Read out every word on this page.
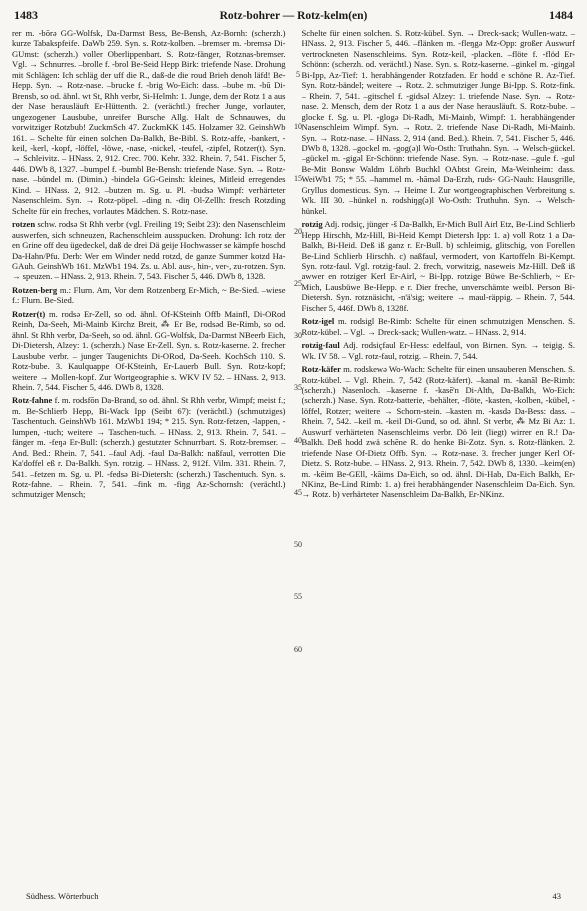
1483	Rotz-bohrer — Rotz-kelm(en)	1484
5
10
15
20
25
30
35
40
45
50
55
60

rer m. -bōrə GG-Wolfsk, Da-Darmst Bess, Be-Bensh, Az-Bornh: (scherzh.) kurze Tabakspfeife. DaWb 259. Syn. s. Rotz-kolben. –bremser m. -bremsə Di-GUmst: (scherzh.) voller Oberlippenbart. S. Rotz-fänger, Rotznas-bremser. Vgl. → Schnurres. –brolle f. -brol Be-Seid Hepp Birk: triefende Nase. Drohung mit Schlägen: Ich schläg der uff die R., daß-de die roud Brieh denoh läfd! Be-Hepp. Syn. → Rotz-nase. –brucke f. -brig Wo-Eich: dass. –bube m. -bū Di-Brensb, so od. ähnl. wt St, Rhh verbr, Si-Helmh: 1. Junge, dem der Rotz 1 a aus der Nase herausläuft Er-Hüttenth. 2. (verächtl.) frecher Junge, vorlauter, ungezogener Lausbube, unreifer Bursche Allg. Halt de Schnauwes, du vorwitziger Rotzbub! ZuckmSch 47. ZuckmKK 145. Holzamer 32. GeinshWb 161. – Schelte für einen solchen Da-Balkh, Be-Bibl. S. Rotz-affe, -bankert, -keil, -kerl, -kopf, -löffel, -löwe, -nase, -nickel, -teufel, -zipfel, Rotzer(t). Syn. → Schleivitz. – HNass. 2, 912. Crec. 700. Kehr. 332. Rhein. 7, 541. Fischer 5, 446. DWb 8, 1327. –bumpel f. -bumbl Be-Bensh: triefende Nase. Syn. → Rotz-nase. –bündel m. (Dimin.) -bindelə GG-Geinsh: kleines, Mitleid erregendes Kind. – HNass. 2, 912. –butzen m. Sg. u. Pl. -budsə Wimpf: verhärteter Nasenschleim. Syn. → Rotz-pöpel. –ding n. -diŋ Ol-Zellh: fresch Rotzding Schelte für ein freches, vorlautes Mädchen. S. Rotz-nase.

rotzen schw. rodsə St Rhh verbr (vgl. Freiling 19; Seibt 23): den Nasenschleim auswerfen, sich schneuzen, Rachenschleim ausspucken. Drohung: Ich rotz der en Grine off deu ügedeckel, daß de drei Dä geije Hochwasser se kämpfe hoschd Da-Hahn/Pfu. Derb: Wer em Winder nedd rotzd, de ganze Summer kotzd Ha-GAuh. GeinshWb 161. MzWb1 194. Zs. u. Abl. aus-, hin-, ver-, zu-rotzen. Syn. → speuzen. – HNass. 2, 913. Rhein. 7, 543. Fischer 5, 446. DWb 8, 1328.

Rotzen-berg m.: Flurn. Am, Vor dem Rotzenberg Er-Mich, ~ Be-Sied. –wiese f.: Flurn. Be-Sied.

Rotzer(t) m. rodsə Er-Zell, so od. ähnl. Of-KSteinh Offb Mainfl, Di-ORod Reinh, Da-Seeh, Mi-Mainb Kirchz Breit, ⁂ Er Be, rodsəd Be-Rimb, so od. ähnl. St Rhh verbr, Da-Seeh, so od. ähnl. GG-Wolfsk, Da-Darmst NBeerb Eich, Di-Dietersh, Alzey: 1. (scherzh.) Nase Er-Zell. Syn. s. Rotz-kaserne. 2. frecher Lausbube verbr. – junger Taugenichts Di-ORod, Da-Seeh. KochSch 110. S. Rotz-bube. 3. Kaulquappe Of-KSteinh, Er-Lauerb Bull. Syn. Rotz-kopf; weitere → Mollen-kopf. Zur Wortgeographie s. WKV IV 52. – HNass. 2, 913. Rhein. 7, 544. Fischer 5, 446. DWb 8, 1328.

Rotz-fahne f. m. rodsfōn Da-Brand, so od. ähnl. St Rhh verbr, Wimpf; meist f.; m. Be-Schlierb Hepp, Bi-Wack Ipp (Seibt 67): (verächtl.) (schmutziges) Taschentuch. GeinshWb 161. MzWb1 194; * 215. Syn. Rotz-fetzen, -lappen, -lumpen, -tuch; weitere → Taschen-tuch. – HNass. 2, 913. Rhein. 7, 541. –fänger m. -feŋə Er-Bull: (scherzh.) gestutzter Schnurrbart. S. Rotz-bremser. – And. Bed.: Rhein. 7, 541. –faul Adj. -faul Da-Balkh: naßfaul, verrotten Die Ka'doffel eß r. Da-Balkh. Syn. rotzig. – HNass. 2, 912f. Vilm. 331. Rhein. 7, 541. –fetzen m. Sg. u. Pl. -fedsə Bi-Dietersh: (scherzh.) Taschentuch. Syn. s. Rotz-fahne. – Rhein. 7, 541. –fink m. -fiŋg Az-Schornsh: (verächtl.) schmutziger Mensch;

Schelte für einen solchen. S. Rotz-kübel. Syn. → Dreck-sack; Wullen-watz. – HNass. 2, 913. Fischer 5, 446. –flänken m. -fleŋgə Mz-Opp: großer Auswurf vertrockneten Nasenschleims. Syn. Rotz-keil, -placken. –flöte f. -flöd Er-Schönn: (scherzh. od. verächtl.) Nase. Syn. s. Rotz-kaserne. –ginkel m. -giŋgəl Bi-Ipp, Az-Tief: 1. herabhängender Rotzfaden. Er hodd e schöne R. Az-Tief. Syn. Rotz-bändel; weitere → Rotz. 2. schmutziger Junge Bi-Ipp. S. Rotz-fink. – Rhein. 7, 541. –gitschel f. -gidsəl Alzey: 1. triefende Nase. Syn. → Rotz-nase. 2. Mensch, dem der Rotz 1 a aus der Nase herausläuft. S. Rotz-bube. –glocke f. Sg. u. Pl. -glogə Di-Radh, Mi-Mainb, Wimpf: 1. herabhängender Nasenschleim Wimpf. Syn. → Rotz. 2. triefende Nase Di-Radh, Mi-Mainb. Syn. → Rotz-nase. – HNass. 2, 914 (and. Bed.). Rhein. 7, 541. Fischer 5, 446. DWb 8, 1328. –gockel m. -gog(ə)l Wo-Osth: Truthahn. Syn. → Welsch-gückel. –gückel m. -gigəl Er-Schönn: triefende Nase. Syn. → Rotz-nase. –gule f. -gul Be-Mit Bonsw Waldm Löhrb Buchkl OAbtst Grein, Ma-Weinheim: dass. WeiWb1 75; * 55. –hammel m. -hāməl Da-Erzh, ruds- GG-Nauh: Hausgrille, Gryllus domesticus. Syn. → Heime I. Zur wortgeographischen Verbreitung s. Wk. III 30. –hünkel n. rodshiŋg(ə)l Wo-Osth: Truthuhn. Syn. → Welsch-hünkel.

rotzig Adj. rodsiç, jünger -š Da-Balkh, Er-Mich Bull Airl Etz, Be-Lind Schlierb Hepp Hirschh, Mz-Hill, Bi-Heid Kempt Dietersh Ipp: 1. a) voll Rotz 1 a Da-Balkh, Bi-Heid. Deß iß ganz r. Er-Bull. b) schleimig, glitschig, von Forellen Be-Lind Schlierb Hirschh. c) naßfaul, vermodert, von Kartoffeln Bi-Kempt. Syn. rotz-faul. Vgl. rotzig-faul. 2. frech, vorwitzig, naseweis Mz-Hill. Deß iß awwer en rotziger Kerl Er-Airl, ~ Bi-Ipp. rotzige Büwe Be-Schlierb, ~ Er-Mich, Lausbüwe Be-Hepp. e r. Dier freche, unverschämte weibl. Person Bi-Dietersh. Syn. rotznäsicht, -n'ä'sig; weitere → maul-räppig. – Rhein. 7, 544. Fischer 5, 446f. DWb 8, 1328f.

Rotz-igel m. rodsigl Be-Rimb: Schelte für einen schmutzigen Menschen. S. Rotz-kübel. – Vgl. → Dreck-sack; Wullen-watz. – HNass. 2, 914.

rotzig-faul Adj. rodsiçfaul Er-Hess: edelfaul, von Birnen. Syn. → teigig. S. Wk. IV 58. – Vgl. rotz-faul, rotzig. – Rhein. 7, 544.

Rotz-käfer m. rodskewə Wo-Wach: Schelte für einen unsauberen Menschen. S. Rotz-kübel. – Vgl. Rhein. 7, 542 (Rotz-käfert). –kanal m. -kanāl Be-Rimb: (scherzh.) Nasenloch. –kaserne f. -kasē'n Di-Alth, Da-Balkh, Wo-Eich: (scherzh.) Nase. Syn. Rotz-batterie, -behälter, -flöte, -kasten, -kolben, -kübel, -löffel, Rotzer; weitere → Schorn-stein. –kasten m. -kasdə Da-Bess: dass. – Rhein. 7, 542. –keil m. -keil Di-Gund, so od. ähnl. St verbr, ⁂ Mz Bi Az: 1. Auswurf verhärteten Nasenschleims verbr. Dö leit (liegt) wirrer en R.! Da-Balkh. Deß hodd zwä schēne R. do henke Bi-Zotz. Syn. s. Rotz-flänken. 2. triefende Nase Of-Dietz Offb. Syn. → Rotz-nase. 3. frecher junger Kerl Of-Dietz. S. Rotz-bube. – HNass. 2, 913. Rhein. 7, 542. DWb 8, 1330. –keim(en) m. -kēim Be-GEll, -kāims Da-Eich, so od. ähnl. Di-Hab, Da-Eich Balkh, Er-NKinz, Be-Lind Rimb: 1. a) frei herabhängender Nasenschleim Da-Eich. Syn. → Rotz. b) verhärteter Nasenschleim Da-Balkh, Er-NKinz.

Südhess. Wörterbuch	43
